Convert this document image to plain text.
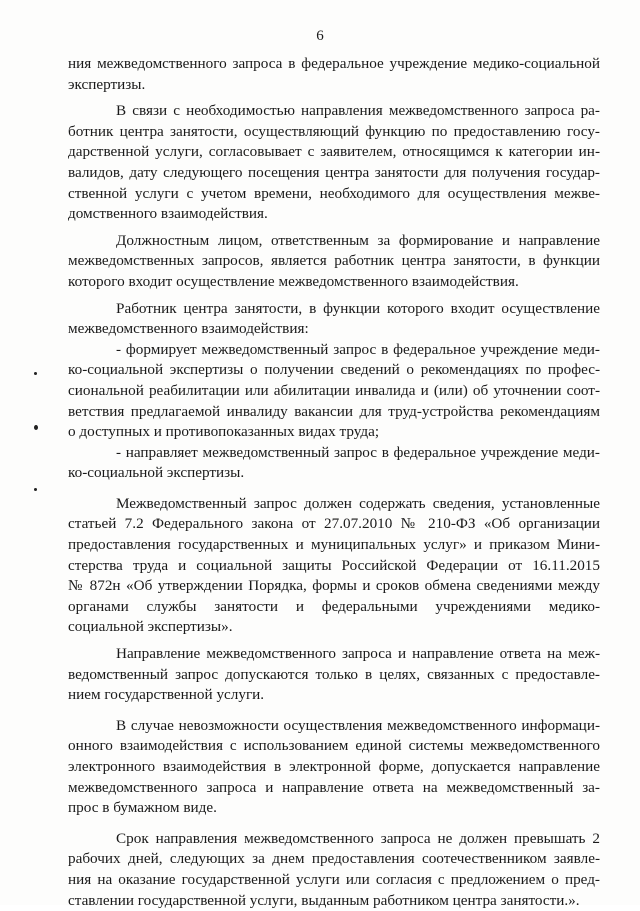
6
ния межведомственного запроса в федеральное учреждение медико-социальной
экспертизы.
В связи с необходимостью направления межведомственного запроса ра-
ботник центра занятости, осуществляющий функцию по предоставлению госу-
дарственной услуги, согласовывает с заявителем, относящимся к категории ин-
валидов, дату следующего посещения центра занятости для получения государ-
ственной услуги с учетом времени, необходимого для осуществления межве-
домственного взаимодействия.
Должностным лицом, ответственным за формирование и направление
межведомственных запросов, является работник центра занятости, в функции
которого входит осуществление межведомственного взаимодействия.
Работник центра занятости, в функции которого входит осуществление
межведомственного взаимодействия:
- формирует межведомственный запрос в федеральное учреждение меди-
ко-социальной экспертизы о получении сведений о рекомендациях по профес-
сиональной реабилитации или абилитации инвалида и (или) об уточнении соот-
ветствия предлагаемой инвалиду вакансии для труд-устройства рекомендациям
о доступных и противопоказанных видах труда;
- направляет межведомственный запрос в федеральное учреждение меди-
ко-социальной экспертизы.
Межведомственный запрос должен содержать сведения, установленные
статьей 7.2 Федерального закона от 27.07.2010 № 210-ФЗ «Об организации
предоставления государственных и муниципальных услуг» и приказом Мини-
стерства труда и социальной защиты Российской Федерации от 16.11.2015
№ 872н «Об утверждении Порядка, формы и сроков обмена сведениями между
органами службы занятости и федеральными учреждениями медико-
социальной экспертизы».
Направление межведомственного запроса и направление ответа на меж-
ведомственный запрос допускаются только в целях, связанных с предоставле-
нием государственной услуги.
В случае невозможности осуществления межведомственного информаци-
онного взаимодействия с использованием единой системы межведомственного
электронного взаимодействия в электронной форме, допускается направление
межведомственного запроса и направление ответа на межведомственный за-
прос в бумажном виде.
Срок направления межведомственного запроса не должен превышать 2
рабочих дней, следующих за днем предоставления соотечественником заявле-
ния на оказание государственной услуги или согласия с предложением о пред-
ставлении государственной услуги, выданным работником центра занятости.».
